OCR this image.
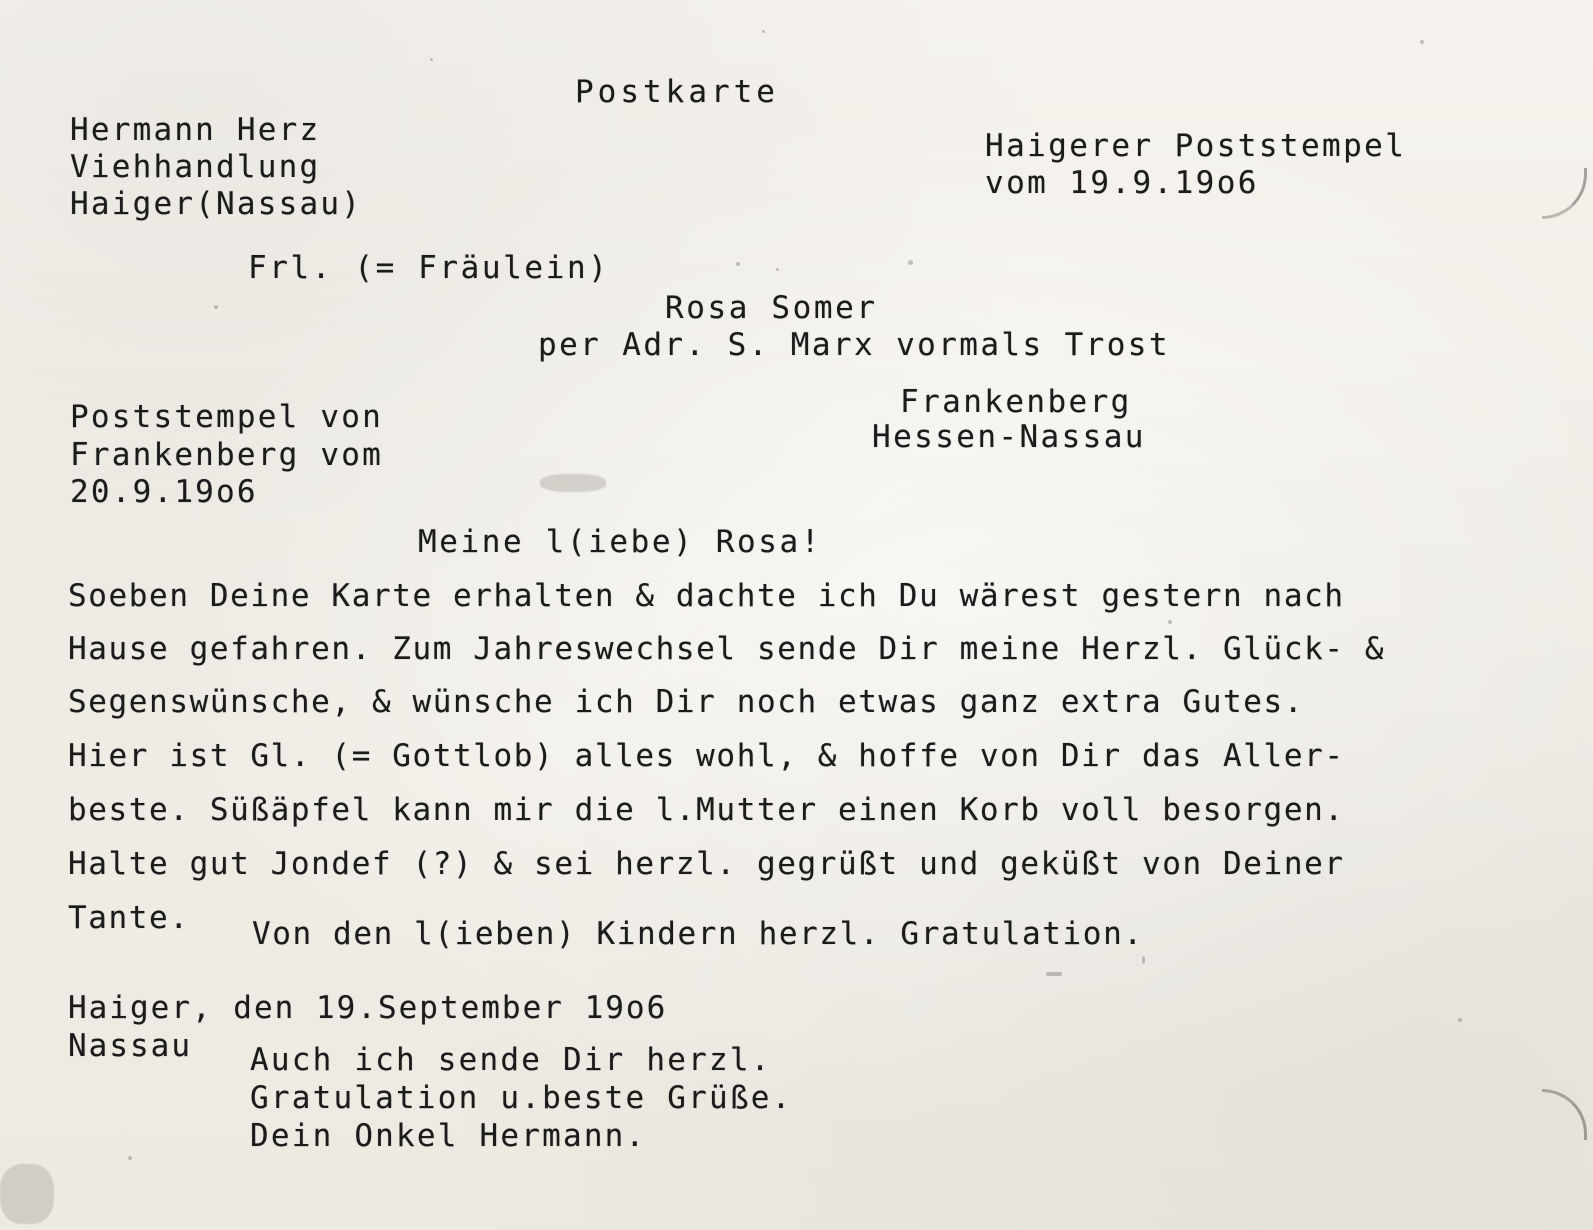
Postkarte
Hermann Herz
Viehhandlung
Haiger(Nassau)
Haigerer Poststempel
vom 19.9.19o6
Frl. (= Fräulein)
Rosa Somer
per Adr. S. Marx vormals Trost
Frankenberg
Hessen-Nassau
Poststempel von
Frankenberg vom
20.9.19o6
Meine l(iebe) Rosa!
Soeben Deine Karte erhalten & dachte ich Du wärest gestern nach
Hause gefahren. Zum Jahreswechsel sende Dir meine Herzl. Glück- &
Segenswünsche, & wünsche ich Dir noch etwas ganz extra Gutes.
Hier ist Gl. (= Gottlob) alles wohl, & hoffe von Dir das Aller-
beste. Süßäpfel kann mir die l.Mutter einen Korb voll besorgen.
Halte gut Jondef (?) & sei herzl. gegrüßt und geküßt von Deiner
Tante. Von den l(ieben) Kindern herzl. Gratulation.
Haiger, den 19.September 19o6
Nassau Auch ich sende Dir herzl.
Gratulation u.beste Grüße.
Dein Onkel Hermann.
